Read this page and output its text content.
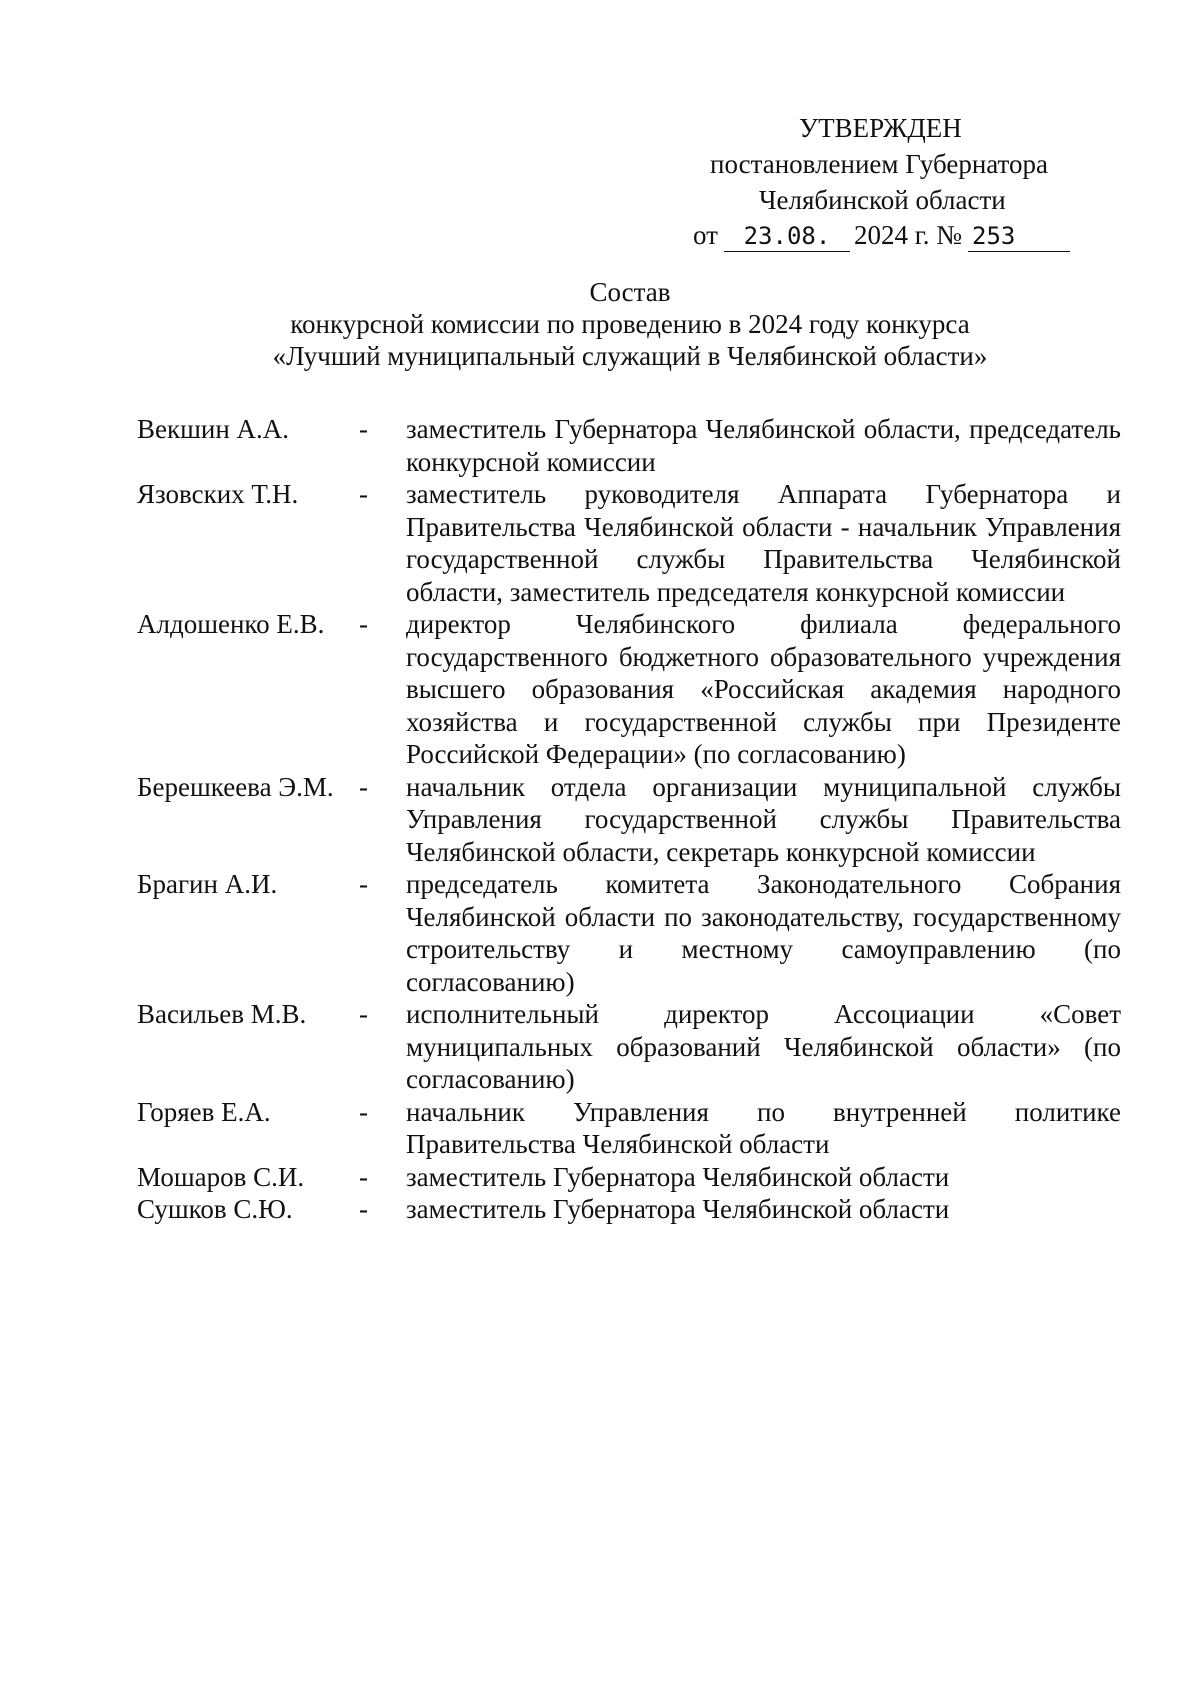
УТВЕРЖДЕН
постановлением Губернатора
Челябинской области
от 23.08. 2024 г. № 253
Состав
конкурсной комиссии по проведению в 2024 году конкурса
«Лучший муниципальный служащий в Челябинской области»
Векшин А.А.	-	заместитель Губернатора Челябинской области, председатель конкурсной комиссии
Язовских Т.Н.	-	заместитель руководителя Аппарата Губернатора и Правительства Челябинской области - начальник Управления государственной службы Правительства Челябинской области, заместитель председателя конкурсной комиссии
Алдошенко Е.В.	-	директор Челябинского филиала федерального государственного бюджетного образовательного учреждения высшего образования «Российская академия народного хозяйства и государственной службы при Президенте Российской Федерации» (по согласованию)
Берешкеева Э.М. -	начальник отдела организации муниципальной службы Управления государственной службы Правительства Челябинской области, секретарь конкурсной комиссии
Брагин А.И.	-	председатель комитета Законодательного Собрания Челябинской области по законодательству, государственному строительству и местному самоуправлению (по согласованию)
Васильев М.В.	-	исполнительный директор Ассоциации «Совет муниципальных образований Челябинской области» (по согласованию)
Горяев Е.А.	-	начальник Управления по внутренней политике Правительства Челябинской области
Мошаров С.И.	-	заместитель Губернатора Челябинской области
Сушков С.Ю.	-	заместитель Губернатора Челябинской области
